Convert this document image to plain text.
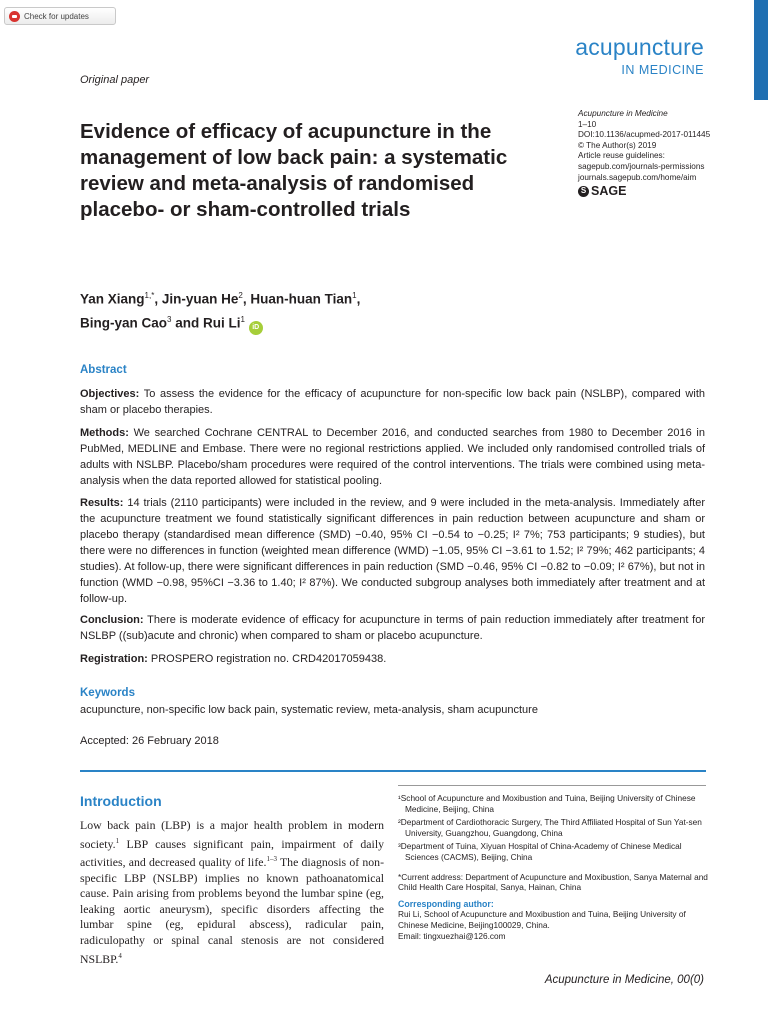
Check for updates
acupuncture
IN MEDICINE
Original paper
Evidence of efficacy of acupuncture in the management of low back pain: a systematic review and meta-analysis of randomised placebo- or sham-controlled trials
Acupuncture in Medicine
1–10
DOI:10.1136/acupmed-2017-011445
© The Author(s) 2019
Article reuse guidelines:
sagepub.com/journals-permissions
journals.sagepub.com/home/aim
S SAGE
Yan Xiang$^{1,*}$, Jin-yuan He$^2$, Huan-huan Tian$^1$,
Bing-yan Cao$^3$ and Rui Li$^1$ iD
Abstract

Objectives: To assess the evidence for the efficacy of acupuncture for non-specific low back pain (NSLBP), compared with sham or placebo therapies.

Methods: We searched Cochrane CENTRAL to December 2016, and conducted searches from 1980 to December 2016 in PubMed, MEDLINE and Embase. There were no regional restrictions applied. We included only randomised controlled trials of adults with NSLBP. Placebo/sham procedures were required of the control interventions. The trials were combined using meta-analysis when the data reported allowed for statistical pooling.

Results: 14 trials (2110 participants) were included in the review, and 9 were included in the meta-analysis. Immediately after the acupuncture treatment we found statistically significant differences in pain reduction between acupuncture and sham or placebo therapy (standardised mean difference (SMD) −0.40, 95% CI −0.54 to −0.25; I² 7%; 753 participants; 9 studies), but there were no differences in function (weighted mean difference (WMD) −1.05, 95% CI −3.61 to 1.52; I² 79%; 462 participants; 4 studies). At follow-up, there were significant differences in pain reduction (SMD −0.46, 95% CI −0.82 to −0.09; I² 67%), but not in function (WMD −0.98, 95%CI −3.36 to 1.40; I² 87%). We conducted subgroup analyses both immediately after treatment and at follow-up.

Conclusion: There is moderate evidence of efficacy for acupuncture in terms of pain reduction immediately after treatment for NSLBP ((sub)acute and chronic) when compared to sham or placebo acupuncture.

Registration: PROSPERO registration no. CRD42017059438.

Keywords
acupuncture, non-specific low back pain, systematic review, meta-analysis, sham acupuncture
Accepted: 26 February 2018
Introduction

Low back pain (LBP) is a major health problem in modern society.$^1$ LBP causes significant pain, impairment of daily activities, and decreased quality of life.$^{1-3}$ The diagnosis of non-specific LBP (NSLBP) implies no known pathoanatomical cause. Pain arising from problems beyond the lumbar spine (eg, leaking aortic aneurysm), specific disorders affecting the lumbar spine (eg, epidural abscess), radicular pain, radiculopathy or spinal canal stenosis are not considered NSLBP.$^4$

¹School of Acupuncture and Moxibustion and Tuina, Beijing University of Chinese Medicine, Beijing, China

²Department of Cardiothoracic Surgery, The Third Affiliated Hospital of Sun Yat-sen University, Guangzhou, Guangdong, China

³Department of Tuina, Xiyuan Hospital of China-Academy of Chinese Medical Sciences (CACMS), Beijing, China

*Current address: Department of Acupuncture and Moxibustion, Sanya Maternal and Child Health Care Hospital, Sanya, Hainan, China

Corresponding author:

Rui Li, School of Acupuncture and Moxibustion and Tuina, Beijing University of Chinese Medicine, Beijing100029, China.

Email: tingxuezhai@126.com

Acupuncture in Medicine, 00(0)
